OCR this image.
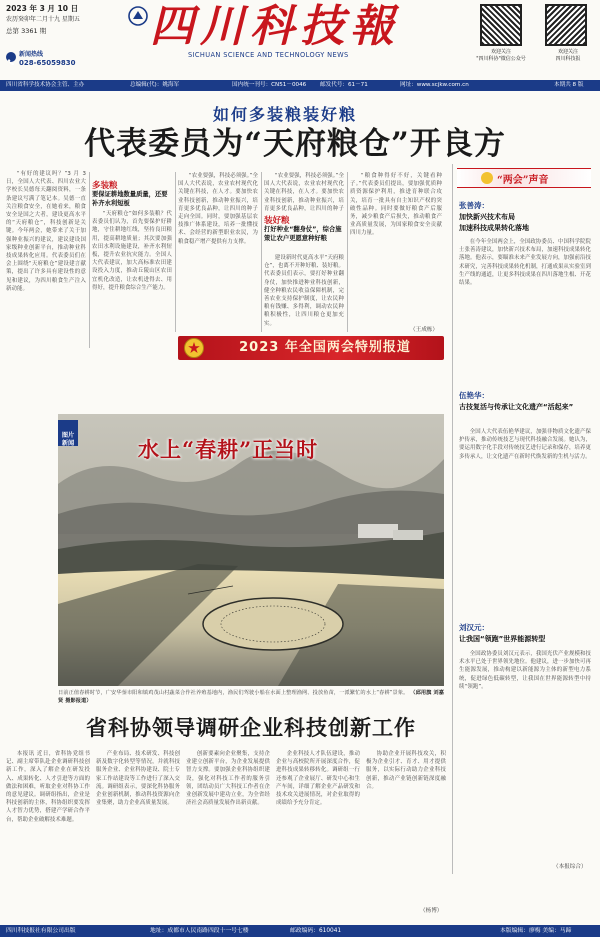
2023 年 3 月 10 日
农历癸卯年二月十九 星期五
总第 3361 期
新闻热线
028-65059830
四川科技報
SICHUAN SCIENCE AND TECHNOLOGY NEWS	欢迎关注
"四川科协"微信公众号
欢迎关注
四川科技报
四川省科学技术协会主管、主办	总编辑(代)：姚海军	国内统一刊号：CN51－0046 邮发代号：61－71	网址：www.scjkw.com.cn	本期共 8 版
如何多装粮装好粮
代表委员为“天府粮仓”开良方

“有好的建议吗？”3 月 3 日，全国人大代表、四川农业大学校长吴德每天翻阅资料，一条条建议写满了笔记本。吴德一直关注粮食安全，在她看来，粮食安全是国之大者，建设更高水平的“天府粮仓”，科技创新是关键。今年两会，她带来了关于加强种业振兴的建议，建议建设国家级种业创新平台，推动种业科技成果转化应用。代表委员们在会上围绕“天府粮仓”建设建言献策，提出了许多具有建设性的意见和建议，为四川粮食生产注入新动能。

多装粮
要保证耕地数量质量，还要补齐水利短板

“天府粮仓”如何多装粮？代表委员们认为，首先要保护好耕地，守住耕地红线，坚持良田粮用，提高耕地质量；其次要加强农田水利设施建设，补齐水利短板，提升农业抗灾能力。全国人大代表建议，加大高标准农田建设投入力度，推动丘陵山区农田宜机化改造，让农机进得去、用得好，提升粮食综合生产能力。

“农业要强，科技必须强。”全国人大代表说，农业农村现代化关键在科技，在人才。要加快农业科技创新，推动种业振兴，培育更多优良品种，让四川的种子走向全国。同时，要加强基层农技推广体系建设，培养一批懂技术、会经营的新型职业农民，为粮食稳产增产提供有力支撑。

装好粮
打好种业“翻身仗”，综合施策让农户更愿意种好粮

“农业要强，科技必须强。”全国人大代表说，农业农村现代化关键在科技，在人才。要加快农业科技创新，推动种业振兴，培育更多优良品种，让四川的种子

建设新时代更高水平“天府粮仓”，也离不开种好粮、装好粮。代表委员们表示，要打好种业翻身仗，加快推进种业科技创新，健全种粮农民收益保障机制，完善农业支持保护制度，让农民种粮有钱赚、多得利，调动农民种粮积极性，让四川粮仓更加充实。

“粮食种得好不好，关键看种子。”代表委员们提出，要加强优质种质资源保护利用，推进育种联合攻关，培育一批具有自主知识产权的突破性品种。同时要做好粮食产后服务，减少粮食产后损失，推动粮食产业高质量发展，为国家粮食安全贡献四川力量。

（王成栋）
2023 年全国两会特别报道
“两会”声音
张善涛：
加快新兴技术布局
加速科技成果转化落地

在今年全国两会上，全国政协委员、中国科学院院士张善涛建议，加快新兴技术布局，加速科技成果转化落地。他表示，要瞄准未来产业发展方向，加强前沿技术研究，完善科技成果转化机制，打通成果从实验室到生产线的通道，让更多科技成果在四川落地生根、开花结果。

伍艳华：
古技复活与传承让文化遗产“活起来”

全国人大代表伍艳华建议，加强非物质文化遗产保护传承，推动传统技艺与现代科技融合发展。她认为，要运用数字化手段对传统技艺进行记录和保存，培养更多传承人，让文化遗产在新时代焕发新的生机与活力。

刘汉元：
让我国“领跑”世界能源转型

全国政协委员刘汉元表示，我国光伏产业规模和技术水平已处于世界领先地位。他建议，进一步加快可再生能源发展，推动构建以新能源为主体的新型电力系统，促进绿色低碳转型，让我国在世界能源转型中持续“领跑”。

（本报综合）
水上“春耕”正当时

图片
新闻

日前正值春耕时节，广安华蓥市阳和镇鸡茂山村蔬菜合作社养殖基地内，渔民们驾驶小船在水面上整理渔网、投放鱼苗，一派繁忙的水上“春耕”景象。 （邱用旗 刘嘉贤 摄影报道）
省科协领导调研企业科技创新工作

本报讯 近日，省科协党组书记、副主席带队赴企业调研科技创新工作，深入了解企业在研发投入、成果转化、人才引进等方面的做法和困难，听取企业对科协工作的意见建议。调研组指出，企业是科技创新的主体，科协组织要发挥人才智力优势，搭建产学研合作平台，帮助企业破解技术难题。

产业布局、技术研发、科技创新及数字化转型等情况，并就科技服务企业、企业科协建设、院士专家工作站建设等工作进行了深入交流。调研组表示，要深化科协服务企业创新机制，推动科技资源向企业集聚，助力企业高质量发展。

创新要素向企业聚集，支持企业建立创新平台，为企业发展提供智力支撑。要加强企业科协组织建设，强化对科技工作者的服务引领，团结动员广大科技工作者在企业创新发展中建功立业，为全省经济社会高质量发展作出新贡献。

企业科技人才队伍建设，推动企业与高校院所开展深度合作，促进科技成果转移转化。调研组一行还参观了企业展厅、研发中心和生产车间，详细了解企业产品研发和技术攻关进展情况，对企业取得的成绩给予充分肯定。

协助企业开展科技攻关，积极为企业引才、育才、用才提供服务，以实际行动助力企业科技创新，推动产业链创新链深度融合。

（杨博）
四川科技报社有限公司出版	地址：成都市人民南路四段十一号七楼	邮政编码：610041	本版编辑：廖梅 美编：马蹄
